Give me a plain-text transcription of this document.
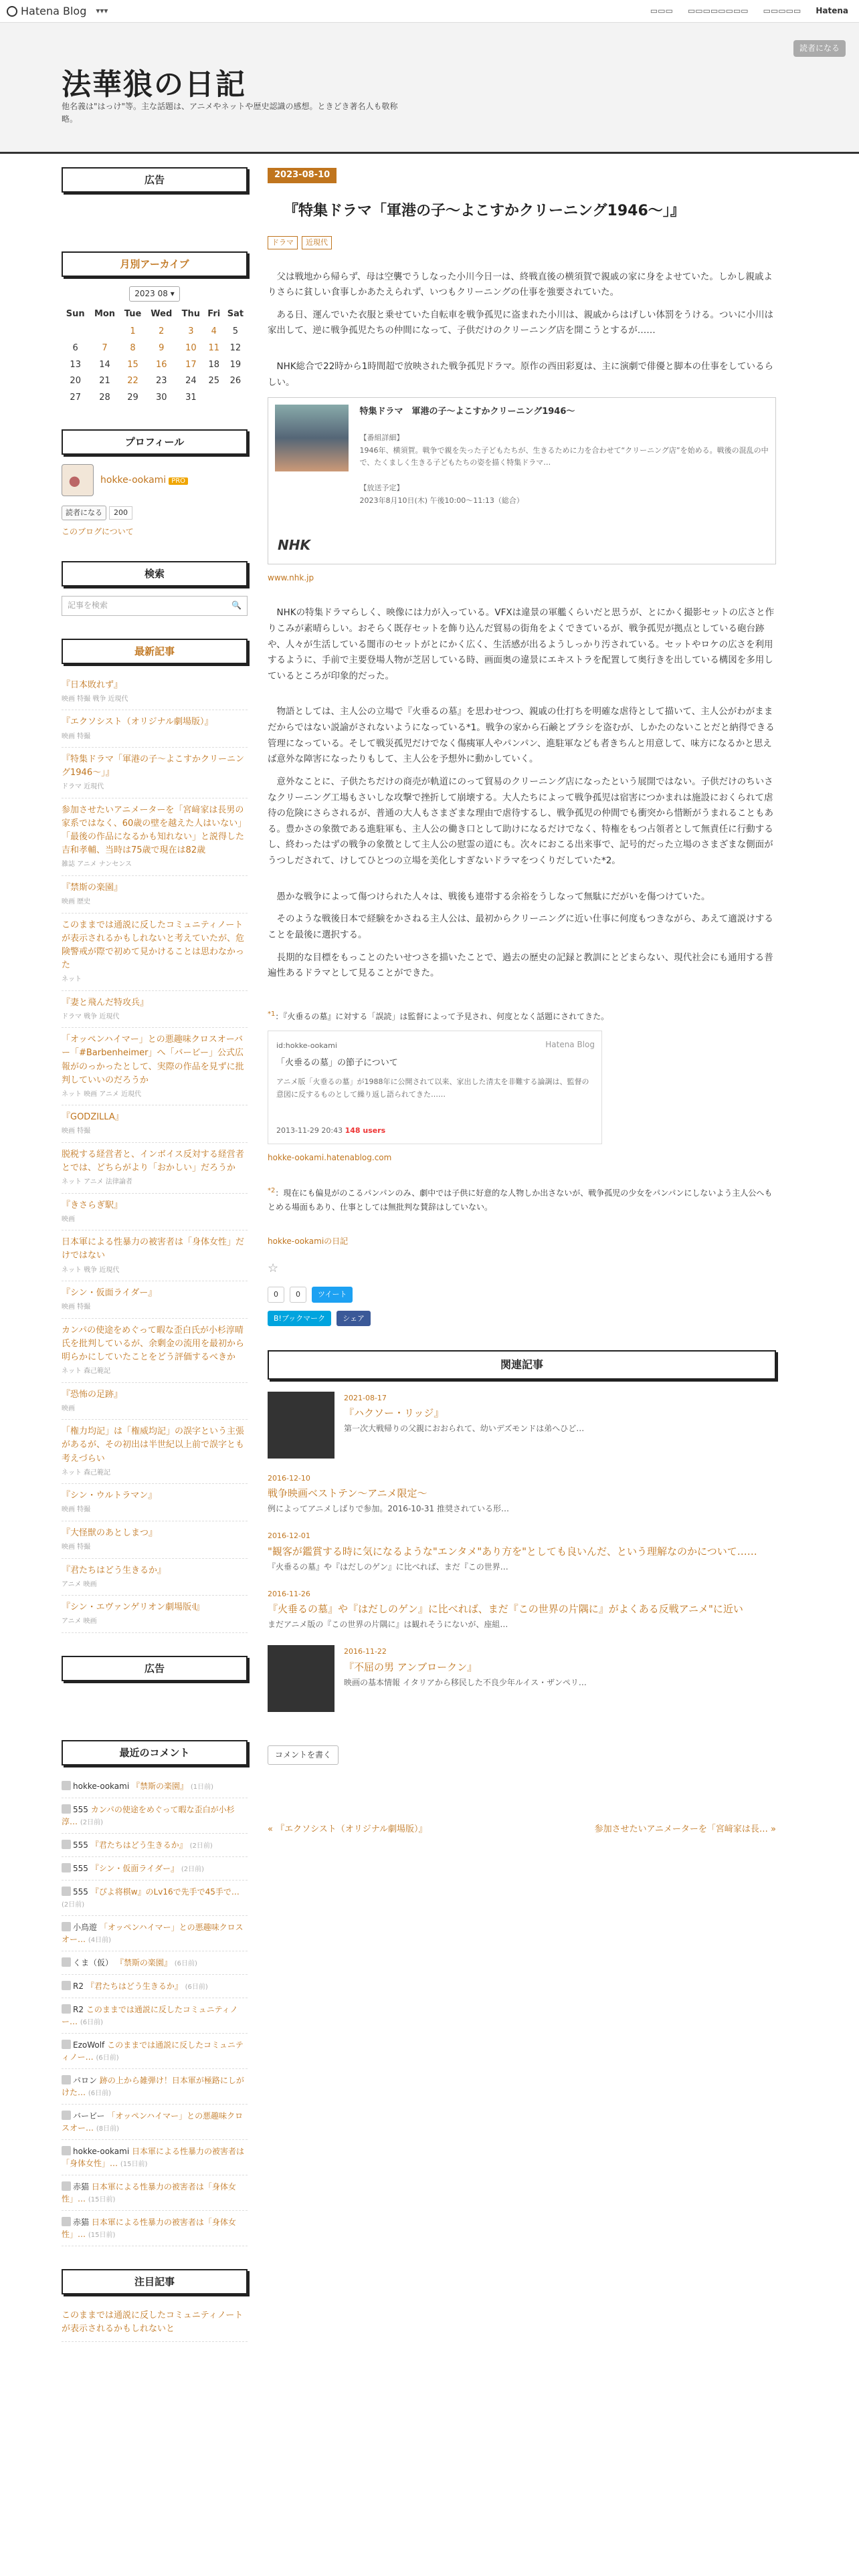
Hatena Blog ▾▾▾	▭▭▭ ▭▭▭▭▭▭▭▭ ▭▭▭▭▭ Hatena
法華狼の日記
他名義は"はっけ"等。主な話題は、アニメやネットや歴史認識の感想。ときどき著名人も敬称略。
読者になる
広告
月別アーカイブ
2023 08 ▾
Sun	Mon	Tue	Wed	Thu	Fri	Sat
		1	2	3	4	5
6	7	8	9	10	11	12
13	14	15	16	17	18	19
20	21	22	23	24	25	26
27	28	29	30	31		
プロフィール
hokke-ookami PRO
読者になる	200
このブログについて
検索
記事を検索	🔍
最新記事
『日本敗れず』
映画 特撮 戦争 近現代
『エクソシスト（オリジナル劇場版）』
映画 特撮
『特集ドラマ「軍港の子〜よこすかクリーニング1946〜」』
ドラマ 近現代
参加させたいアニメーターを「宮﨑家は長男の家系ではなく、60歳の壁を越えた人はいない」「最後の作品になるかも知れない」と説得した吉和孝輔、当時は75歳で現在は82歳
雑誌 アニメ ナンセンス
『禁斯の楽園』
映画 歴史
このままでは通説に反したコミュニティノートが表示されるかもしれないと考えていたが、危険警戒が際で初めて見かけることは思わなかった
ネット
『妻と飛んだ特攻兵』
ドラマ 戦争 近現代
「オッペンハイマー」との悪趣味クロスオーバー「#Barbenheimer」へ「バービー」公式広報がのっかったとして、実際の作品を見ずに批判していいのだろうか
ネット 映画 アニメ 近現代
『GODZILLA』
映画 特撮
脱税する経営者と、インボイス反対する経営者とでは、どちらがより「おかしい」だろうか
ネット アニメ 法律論者
『きさらぎ駅』
映画
日本軍による性暴力の被害者は「身体女性」だけではない
ネット 戦争 近現代
『シン・仮面ライダー』
映画 特撮
カンパの使途をめぐって暇な歪白氏が小杉淳晴氏を批判しているが、余剰金の流用を最初から明らかにしていたことをどう評価するべきか
ネット 森己範記
『恐怖の足跡』
映画
「権力均記」は「権威均記」の誤字という主張があるが、その初出は半世紀以上前で誤字とも考えづらい
ネット 森己範記
『シン・ウルトラマン』
映画 特撮
『大怪獣のあとしまつ』
映画 特撮
『君たちはどう生きるか』
アニメ 映画
『シン・エヴァンゲリオン劇場版𝄇』
アニメ 映画
広告
最近のコメント
hokke-ookami 『禁斯の楽園』 (1日前)
555 カンパの使途をめぐって暇な歪白が小杉淳… (2日前)
555 『君たちはどう生きるか』 (2日前)
555 『シン・仮面ライダー』 (2日前)
555 『ぴよ将棋w』のLv16で先手で45手で… (2日前)
小鳥遊 「オッペンハイマー」との悪趣味クロスオー… (4日前)
くま（仮） 『禁斯の楽園』 (6日前)
R2 『君たちはどう生きるか』 (6日前)
R2 このままでは通説に反したコミュニティノー… (6日前)
EzoWolf このままでは通説に反したコミュニティノー… (6日前)
パロン 跡の上から雑弾け！日本軍が極路にしがけた… (6日前)
バービー 「オッペンハイマー」との悪趣味クロスオー… (8日前)
hokke-ookami 日本軍による性暴力の被害者は「身体女性」… (15日前)
赤猫 日本軍による性暴力の被害者は「身体女性」… (15日前)
赤猫 日本軍による性暴力の被害者は「身体女性」… (15日前)
注目記事
このままでは通説に反したコミュニティノートが表示されるかもしれないと
2023-08-10
『特集ドラマ「軍港の子〜よこすかクリーニング1946〜」』
ドラマ	近現代

　父は戦地から帰らず、母は空襲でうしなった小川今日一は、終戦直後の横須賀で親戚の家に身をよせていた。しかし親戚よりさらに貧しい食事しかあたえられず、いつもクリーニングの仕事を強要されていた。

　ある日、運んでいた衣服と乗せていた自転車を戦争孤児に盗まれた小川は、親戚からはげしい体罰をうける。ついに小川は家出して、逆に戦争孤児たちの仲間になって、子供だけのクリーニング店を開こうとするが……

　NHK総合で22時から1時間超で放映された戦争孤児ドラマ。原作の西田彩夏は、主に演劇で俳優と脚本の仕事をしているらしい。

特集ドラマ　軍港の子〜よこすかクリーニング1946〜

【番組詳細】
1946年、横須賀。戦争で親を失った子どもたちが、生きるために力を合わせて“クリーニング店”を始める。戦後の混乱の中で、たくましく生きる子どもたちの姿を描く特集ドラマ…

【放送予定】
2023年8月10日(木) 午後10:00〜11:13（総合）
NHK
www.nhk.jp

　NHKの特集ドラマらしく、映像には力が入っている。VFXは違景の軍艦くらいだと思うが、とにかく撮影セットの広さと作りこみが素晴らしい。おそらく既存セットを飾り込んだ貿易の街角をよくできているが、戦争孤児が拠点としている砲台跡や、人々が生活している闇市のセットがとにかく広く、生活感が出るようしっかり汚されている。セットやロケの広さを利用するように、手前で主要登場人物が芝居している時、画面奥の違景にエキストラを配置して奥行きを出している構図を多用しているところが印象的だった。

　物語としては、主人公の立場で『火垂るの墓』を思わせつつ、親戚の仕打ちを明確な虐待として描いて、主人公がわがままだからではない説諭がされないようになっている*1。戦争の家から石鹸とブラシを盗むが、しかたのないことだと納得できる管理になっている。そして戦災孤児だけでなく傷痍軍人やパンパン、進駐軍なども者きちんと用意して、味方になるかと思えば意外な障害になったりもして、主人公を予想外に動かしていく。

　意外なことに、子供たちだけの商売が軌道にのって貿易のクリーニング店になったという展開ではない。子供だけのちいさなクリーニング工場もさいしな攻撃で挫折して崩壊する。大人たちによって戦争孤児は宿害につかまれは施設におくられて虐待の危険にさらされるが、普通の大人もさまざまな理由で虐待するし、戦争孤児の仲間でも衝突から惜断がうまれることもある。豊かさの象徴である進駐軍も、主人公の働き口として助けになるだけでなく、特権をもつ占領者として無責任に行動するし、終わったはずの戦争の象徴として主人公の慰霊の道にも。次々におこる出来事で、記号的だった立場のさまざまな側面がうつしだされて、けしてひとつの立場を美化しすぎないドラマをつくりだしていた*2。

　愚かな戦争によって傷つけられた人々は、戦後も連帯する余裕をうしなって無駄にだがいを傷つけていた。

　そのような戦後日本で経験をかさねる主人公は、最初からクリーニングに近い仕事に何度もつきながら、あえて適説けすることを最後に選択する。

　長期的な目標をもっことのたいせつさを描いたことで、過去の歴史の記録と教訓にとどまらない、現代社会にも通用する普遍性あるドラマとして見ることができた。

$^{*1}$：『火垂るの墓』に対する「誤読」は監督によって予見され、何度となく話題にされてきた。
id:hokke-ookami	Hatena Blog
「火垂るの墓」の節子について
アニメ版「火垂るの墓」が1988年に公開されて以来、家出した清太を非難する論調は、監督の意図に反するものとして繰り返し語られてきた……
2013-11-29 20:43 148 users
hokke-ookami.hatenablog.com
$^{*2}$：現在にも偏見がのこるパンパンのみ、劇中では子供に好意的な人物しか出さないが、戦争孤児の少女をパンパンにしないよう主人公へもとめる場面もあり、仕事としては無批判な賛辞はしていない。
hokke-ookamiの日記
☆
0	0	ツイート
B!ブックマーク	シェア
関連記事
2021-08-17
『ハクソー・リッジ』
第一次大戦帰りの父親におおられて、幼いデズモンドは弟へひど…
2016-12-10
戦争映画ベストテン〜アニメ限定〜
例によってアニメしばりで参加。2016-10-31 推奨されている形…
2016-12-01
"観客が鑑賞する時に気になるような"エンタメ"あり方を"としても良いんだ、という理解なのかについて……
『火垂るの墓』や『はだしのゲン』に比べれば、まだ『この世界…
2016-11-26
『火垂るの墓』や『はだしのゲン』に比べれば、まだ『この世界の片隅に』がよくある反戦アニメ"に近い
まだアニメ版の『この世界の片隅に』は観れそうにないが、座組…
2016-11-22
『不屈の男 アンブロークン』
映画の基本情報 イタリアから移民した不良少年ルイス・ザンペリ…
コメントを書く
« 『エクソシスト（オリジナル劇場版）』	参加させたいアニメーターを「宮﨑家は長… »
